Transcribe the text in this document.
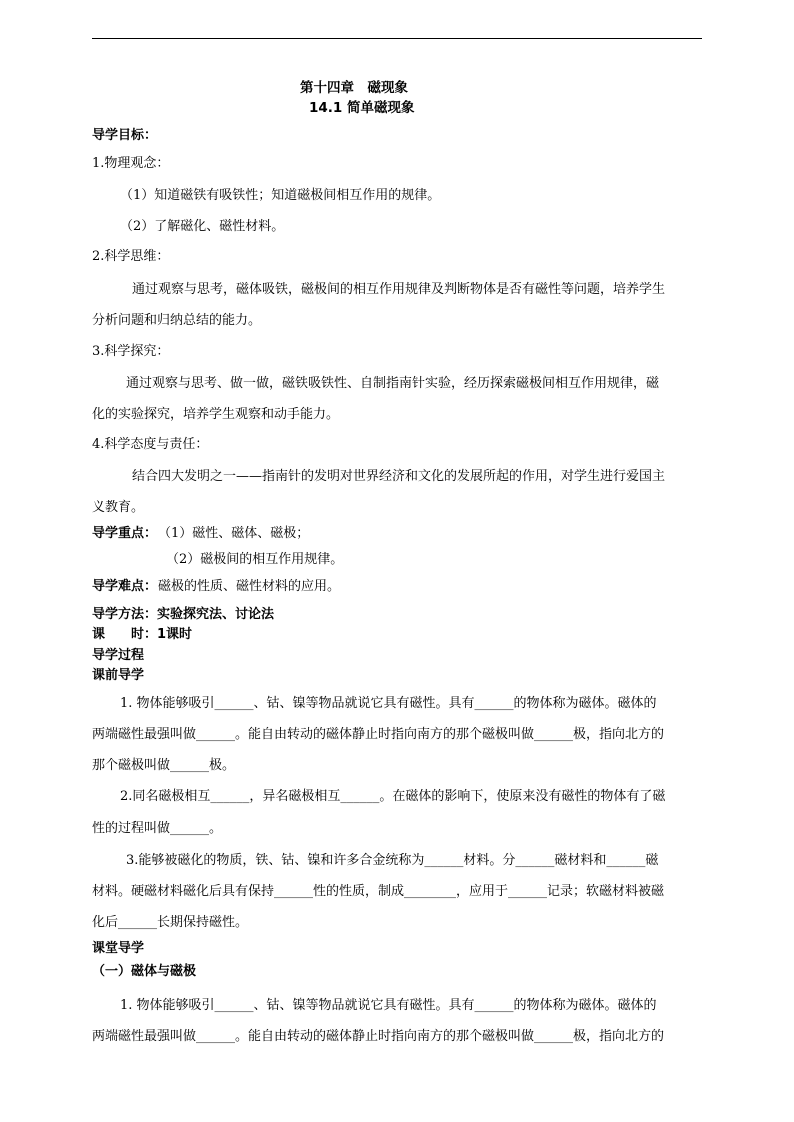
第十四章　磁现象
14.1 简单磁现象
导学目标：
1.物理观念：
（1）知道磁铁有吸铁性；知道磁极间相互作用的规律。
（2）了解磁化、磁性材料。
2.科学思维：
通过观察与思考，磁体吸铁，磁极间的相互作用规律及判断物体是否有磁性等问题，培养学生
分析问题和归纳总结的能力。
3.科学探究：
通过观察与思考、做一做，磁铁吸铁性、自制指南针实验，经历探索磁极间相互作用规律，磁
化的实验探究，培养学生观察和动手能力。
4.科学态度与责任：
结合四大发明之一——指南针的发明对世界经济和文化的发展所起的作用，对学生进行爱国主
义教育。
导学重点： （1）磁性、磁体、磁极；
（2）磁极间的相互作用规律。
导学难点： 磁极的性质、磁性材料的应用。
导学方法：实验探究法、讨论法
课　　时：1课时
导学过程
课前导学
1. 物体能够吸引______、钴、镍等物品就说它具有磁性。具有______的物体称为磁体。磁体的
两端磁性最强叫做______。能自由转动的磁体静止时指向南方的那个磁极叫做______极，指向北方的
那个磁极叫做______极。
2.同名磁极相互______，异名磁极相互______。在磁体的影响下，使原来没有磁性的物体有了磁
性的过程叫做______。
3.能够被磁化的物质，铁、钴、镍和许多合金统称为______材料。分______磁材料和______磁
材料。硬磁材料磁化后具有保持______性的性质，制成________，应用于______记录；软磁材料被磁
化后______长期保持磁性。
课堂导学
（一）磁体与磁极
1. 物体能够吸引______、钴、镍等物品就说它具有磁性。具有______的物体称为磁体。磁体的
两端磁性最强叫做______。能自由转动的磁体静止时指向南方的那个磁极叫做______极，指向北方的
